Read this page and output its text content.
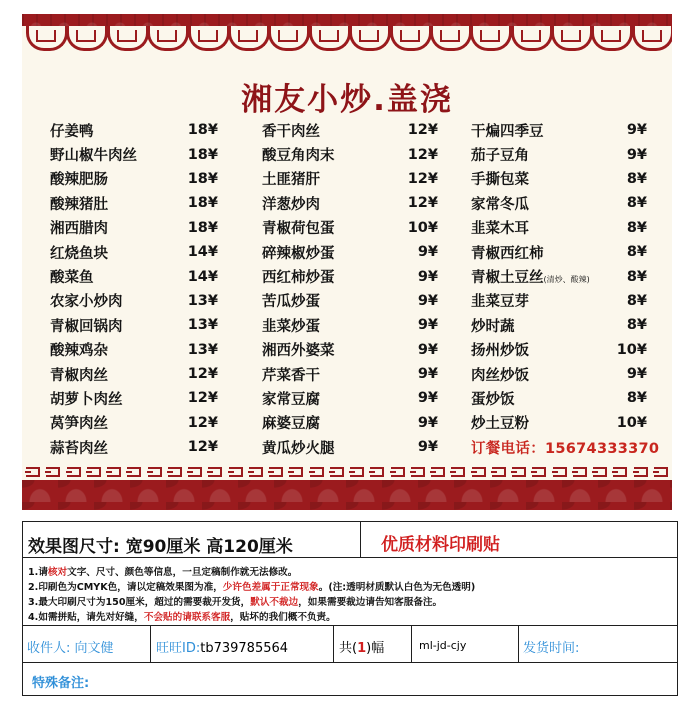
湘友小炒.盖浇
仔姜鸭	18¥
野山椒牛肉丝	18¥
酸辣肥肠	18¥
酸辣猪肚	18¥
湘西腊肉	18¥
红烧鱼块	14¥
酸菜鱼	14¥
农家小炒肉	13¥
青椒回锅肉	13¥
酸辣鸡杂	13¥
青椒肉丝	12¥
胡萝卜肉丝	12¥
莴笋肉丝	12¥
蒜苔肉丝	12¥
香干肉丝	12¥
酸豆角肉末	12¥
土匪猪肝	12¥
洋葱炒肉	12¥
青椒荷包蛋	10¥
碎辣椒炒蛋	9¥
西红柿炒蛋	9¥
苦瓜炒蛋	9¥
韭菜炒蛋	9¥
湘西外婆菜	9¥
芹菜香干	9¥
家常豆腐	9¥
麻婆豆腐	9¥
黄瓜炒火腿	9¥
干煸四季豆	9¥
茄子豆角	9¥
手撕包菜	8¥
家常冬瓜	8¥
韭菜木耳	8¥
青椒西红柿	8¥
青椒土豆丝(清炒、酸辣)	8¥
韭菜豆芽	8¥
炒时蔬	8¥
扬州炒饭	10¥
肉丝炒饭	9¥
蛋炒饭	8¥
炒土豆粉	10¥
订餐电话：15674333370
效果图尺寸: 宽90厘米 高120厘米	优质材料印刷贴
1.请核对文字、尺寸、颜色等信息，一旦定稿制作就无法修改。
2.印刷色为CMYK色，请以定稿效果图为准，少许色差属于正常现象。(注:透明材质默认白色为无色透明)
3.最大印刷尺寸为150厘米，超过的需要裁开发货，默认不裁边，如果需要裁边请告知客服备注。
4.如需拼贴，请先对好缝，不会贴的请联系客服，贴坏的我们概不负责。
收件人: 向文健	旺旺ID:tb739785564	共(1)幅	ml-jd-cjy	发货时间:
特殊备注:
